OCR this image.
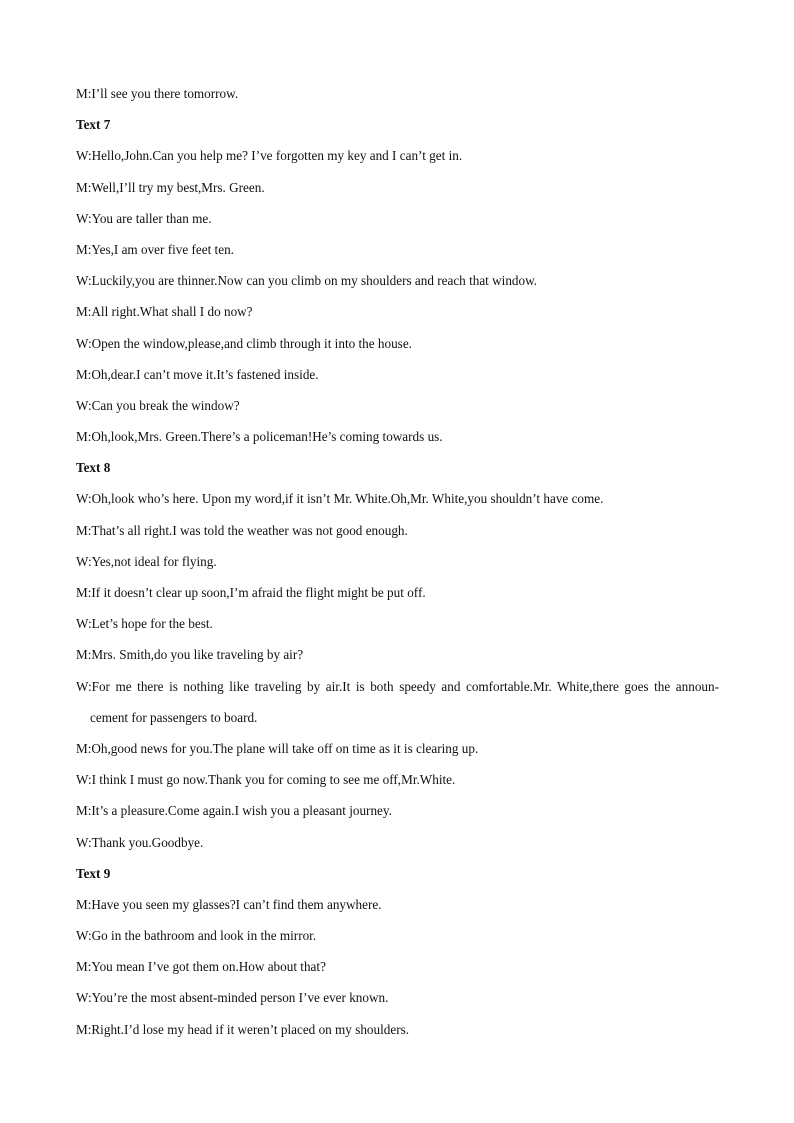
M:I’ll see you there tomorrow.
Text 7
W:Hello,John.Can you help me? I’ve forgotten my key and I can’t get in.
M:Well,I’ll try my best,Mrs. Green.
W:You are taller than me.
M:Yes,I am over five feet ten.
W:Luckily,you are thinner.Now can you climb on my shoulders and reach that window.
M:All right.What shall I do now?
W:Open the window,please,and climb through it into the house.
M:Oh,dear.I can’t move it.It’s fastened inside.
W:Can you break the window?
M:Oh,look,Mrs. Green.There’s a policeman!He’s coming towards us.
Text 8
W:Oh,look who’s here. Upon my word,if it isn’t Mr. White.Oh,Mr. White,you shouldn’t have come.
M:That’s all right.I was told the weather was not good enough.
W:Yes,not ideal for flying.
M:If it doesn’t clear up soon,I’m afraid the flight might be put off.
W:Let’s hope for the best.
M:Mrs. Smith,do you like traveling by air?
W:For me there is nothing like traveling by air.It is both speedy and comfortable.Mr. White,there goes the announ- cement for passengers to board.
M:Oh,good news for you.The plane will take off on time as it is clearing up.
W:I think I must go now.Thank you for coming to see me off,Mr.White.
M:It’s a pleasure.Come again.I wish you a pleasant journey.
W:Thank you.Goodbye.
Text 9
M:Have you seen my glasses?I can’t find them anywhere.
W:Go in the bathroom and look in the mirror.
M:You mean I’ve got them on.How about that?
W:You’re the most absent-minded person I’ve ever known.
M:Right.I’d lose my head if it weren’t placed on my shoulders.
